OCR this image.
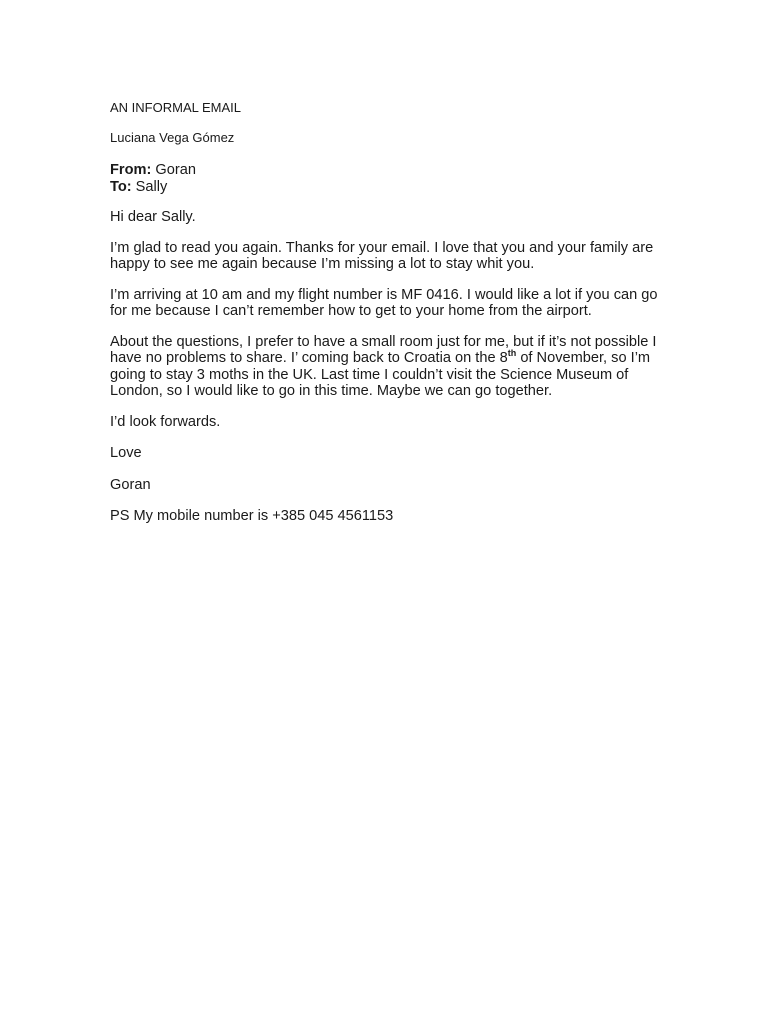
AN INFORMAL EMAIL

Luciana Vega Gómez

From: Goran
To: Sally

Hi dear Sally.

I’m glad to read you again. Thanks for your email. I love that you and your family are happy to see me again because I’m missing a lot to stay whit you.

I’m arriving at 10 am and my flight number is MF 0416. I would like a lot if you can go for me because I can’t remember how to get to your home from the airport.

About the questions, I prefer to have a small room just for me, but if it’s not possible I have no problems to share. I’ coming back to Croatia on the 8th of November, so I’m going to stay 3 moths in the UK. Last time I couldn’t visit the Science Museum of London, so I would like to go in this time. Maybe we can go together.

I’d look forwards.

Love

Goran

PS My mobile number is +385 045 4561153
